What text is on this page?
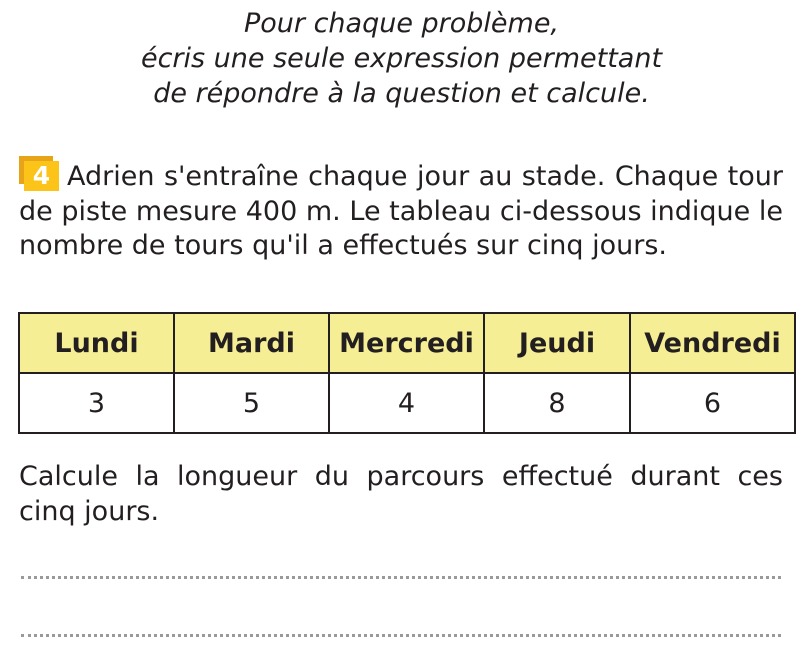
Pour chaque problème,
écris une seule expression permettant
de répondre à la question et calcule.
4 Adrien s'entraîne chaque jour au stade. Chaque tour de piste mesure 400 m. Le tableau ci-dessous indique le nombre de tours qu'il a effectués sur cinq jours.
Lundi	Mardi	Mercredi	Jeudi	Vendredi
3	5	4	8	6
Calcule la longueur du parcours effectué durant ces cinq jours.
